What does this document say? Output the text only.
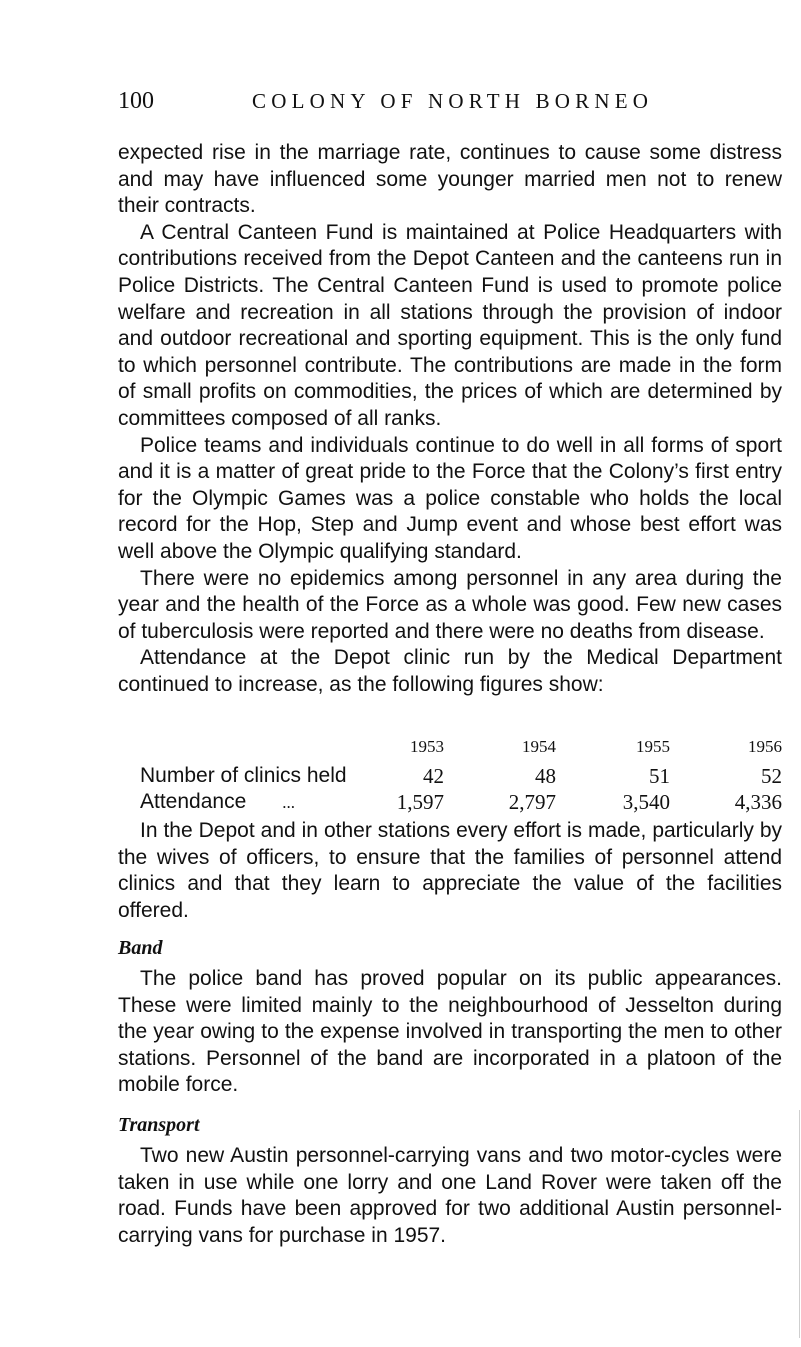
100	COLONY OF NORTH BORNEO

expected rise in the marriage rate, continues to cause some distress and may have influenced some younger married men not to renew their contracts.

A Central Canteen Fund is maintained at Police Headquarters with contributions received from the Depot Canteen and the canteens run in Police Districts. The Central Canteen Fund is used to promote police welfare and recreation in all stations through the provision of indoor and outdoor recreational and sporting equipment. This is the only fund to which personnel contribute. The contributions are made in the form of small profits on commodities, the prices of which are determined by committees composed of all ranks.

Police teams and individuals continue to do well in all forms of sport and it is a matter of great pride to the Force that the Colony’s first entry for the Olympic Games was a police constable who holds the local record for the Hop, Step and Jump event and whose best effort was well above the Olympic qualifying standard.

There were no epidemics among personnel in any area during the year and the health of the Force as a whole was good. Few new cases of tuberculosis were reported and there were no deaths from disease.

Attendance at the Depot clinic run by the Medical Department continued to increase, as the following figures show:

	1953	1954	1955	1956
Number of clinics held	42	48	51	52
Attendance ...	1,597	2,797	3,540	4,336

In the Depot and in other stations every effort is made, particularly by the wives of officers, to ensure that the families of personnel attend clinics and that they learn to appreciate the value of the facilities offered.

Band

The police band has proved popular on its public appearances. These were limited mainly to the neighbourhood of Jesselton during the year owing to the expense involved in transporting the men to other stations. Personnel of the band are incorporated in a platoon of the mobile force.

Transport

Two new Austin personnel-carrying vans and two motor-cycles were taken in use while one lorry and one Land Rover were taken off the road. Funds have been approved for two additional Austin personnel-carrying vans for purchase in 1957.
